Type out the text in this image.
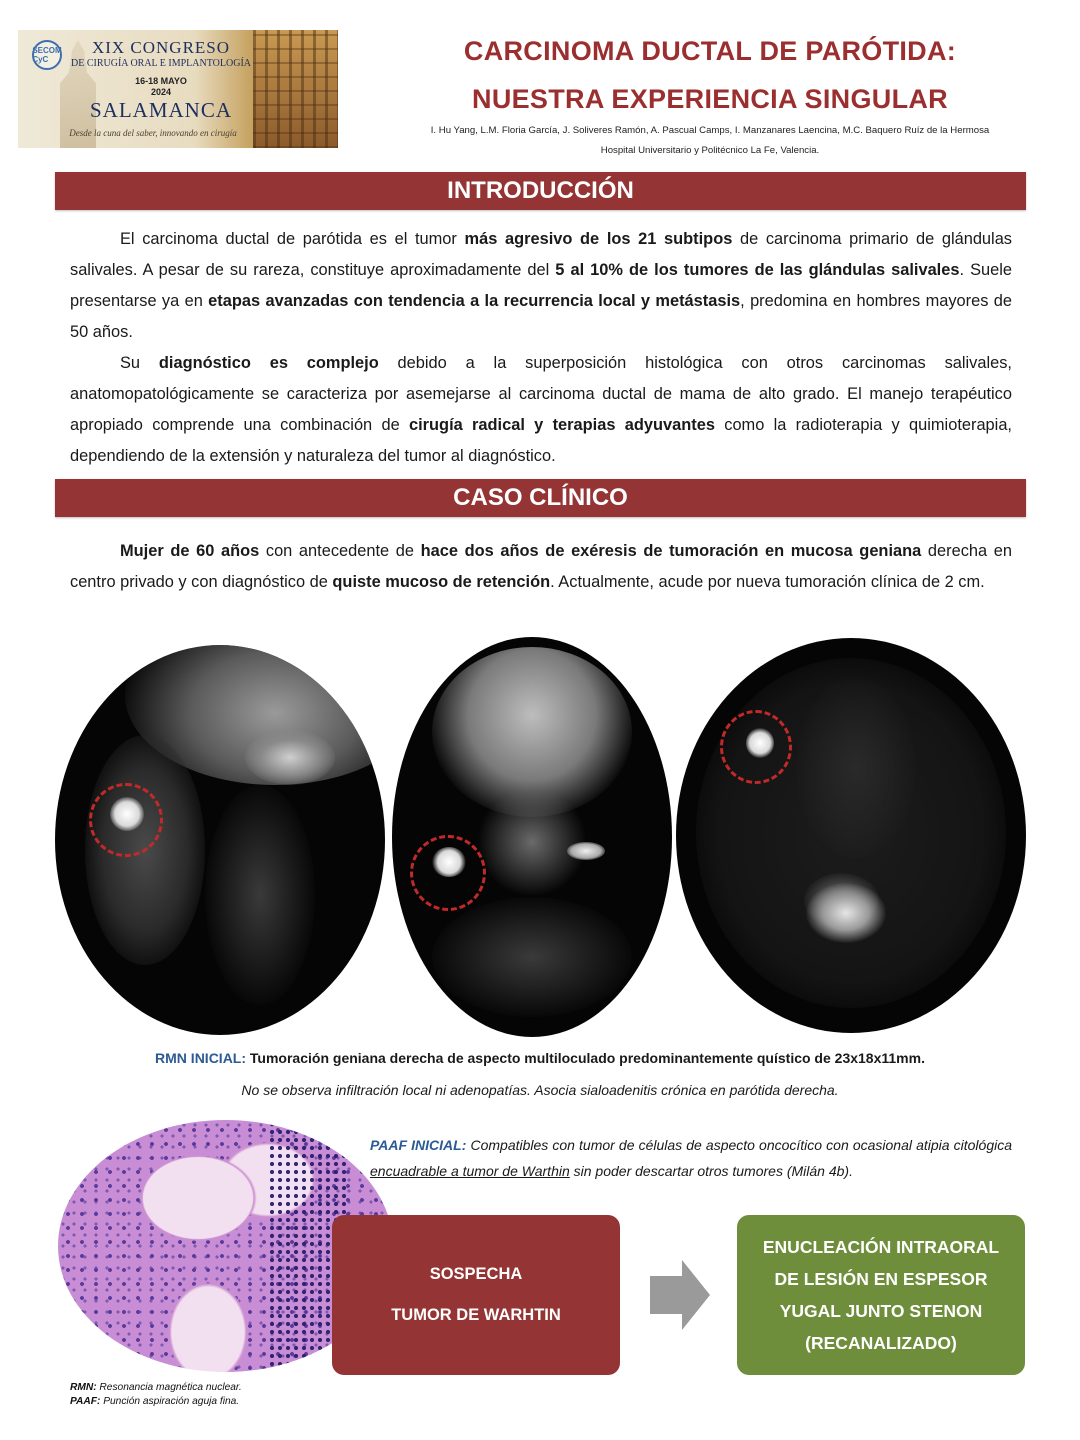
SECOM CyC
XIX CONGRESO
DE CIRUGÍA ORAL E IMPLANTOLOGÍA
16-18 MAYO
2024
SALAMANCA
Desde la cuna del saber, innovando en cirugía
CARCINOMA DUCTAL DE PARÓTIDA:
NUESTRA EXPERIENCIA SINGULAR
I. Hu Yang, L.M. Floria García, J. Soliveres Ramón, A. Pascual Camps, I. Manzanares Laencina, M.C. Baquero Ruíz de la Hermosa
Hospital Universitario y Politécnico La Fe, Valencia.
INTRODUCCIÓN
El carcinoma ductal de parótida es el tumor más agresivo de los 21 subtipos de carcinoma primario de glándulas salivales. A pesar de su rareza, constituye aproximadamente del 5 al 10% de los tumores de las glándulas salivales. Suele presentarse ya en etapas avanzadas con tendencia a la recurrencia local y metástasis, predomina en hombres mayores de 50 años.
Su diagnóstico es complejo debido a la superposición histológica con otros carcinomas salivales, anatomopatológicamente se caracteriza por asemejarse al carcinoma ductal de mama de alto grado. El manejo terapéutico apropiado comprende una combinación de cirugía radical y terapias adyuvantes como la radioterapia y quimioterapia, dependiendo de la extensión y naturaleza del tumor al diagnóstico.
CASO CLÍNICO
Mujer de 60 años con antecedente de hace dos años de exéresis de tumoración en mucosa geniana derecha en centro privado y con diagnóstico de quiste mucoso de retención. Actualmente, acude por nueva tumoración clínica de 2 cm.
RMN INICIAL: Tumoración geniana derecha de aspecto multiloculado predominantemente quístico de 23x18x11mm.
No se observa infiltración local ni adenopatías. Asocia sialoadenitis crónica en parótida derecha.
PAAF INICIAL: Compatibles con tumor de células de aspecto oncocítico con ocasional atipia citológica encuadrable a tumor de Warthin sin poder descartar otros tumores (Milán 4b).
SOSPECHA
TUMOR DE WARHTIN
ENUCLEACIÓN INTRAORAL
DE LESIÓN EN ESPESOR
YUGAL JUNTO STENON
(RECANALIZADO)
RMN: Resonancia magnética nuclear.
PAAF: Punción aspiración aguja fina.
